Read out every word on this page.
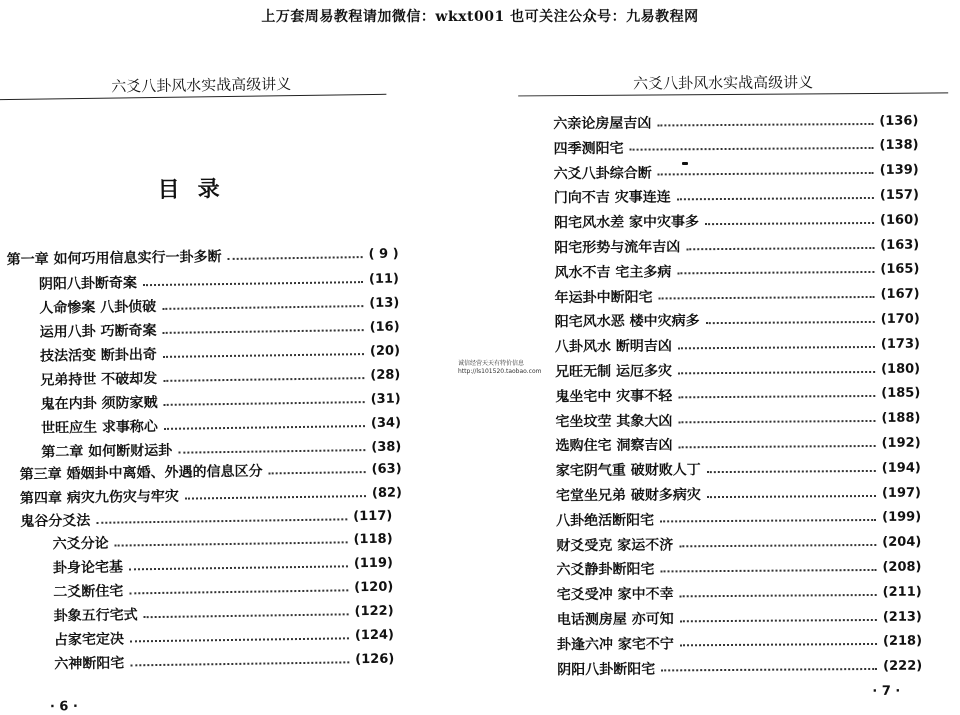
上万套周易教程请加微信：wkxt001 也可关注公众号：九易教程网
六爻八卦风水实战高级讲义
目录
第一章 如何巧用信息实行一卦多断	( 9 )
阴阳八卦断奇案	(11)
人命惨案 八卦侦破	(13)
运用八卦 巧断奇案	(16)
技法活变 断卦出奇	(20)
兄弟持世 不破却发	(28)
鬼在内卦 须防家贼	(31)
世旺应生 求事称心	(34)
第二章 如何断财运卦	(38)
第三章 婚姻卦中离婚、外遇的信息区分	(63)
第四章 病灾九伤灾与牢灾	(82)
鬼谷分爻法	(117)
六爻分论	(118)
卦身论宅基	(119)
二爻断住宅	(120)
卦象五行宅式	(122)
占家宅定决	(124)
六神断阳宅	(126)
· 6 ·
六爻八卦风水实战高级讲义
六亲论房屋吉凶	(136)
四季测阳宅	(138)
六爻八卦综合断	(139)
门向不吉 灾事连连	(157)
阳宅风水差 家中灾事多	(160)
阳宅形势与流年吉凶	(163)
风水不吉 宅主多病	(165)
年运卦中断阳宅	(167)
阳宅风水恶 楼中灾病多	(170)
八卦风水 断明吉凶	(173)
兄旺无制 运厄多灾	(180)
鬼坐宅中 灾事不轻	(185)
宅坐坟茔 其象大凶	(188)
选购住宅 洞察吉凶	(192)
家宅阴气重 破财败人丁	(194)
宅堂坐兄弟 破财多病灾	(197)
八卦绝活断阳宅	(199)
财爻受克 家运不济	(204)
六爻静卦断阳宅	(208)
宅爻受冲 家中不幸	(211)
电话测房屋 亦可知	(213)
卦逢六冲 家宅不宁	(218)
阴阳八卦断阳宅	(222)
· 7 ·
诚信经营天天有特价信息
http://ls101520.taobao.com
